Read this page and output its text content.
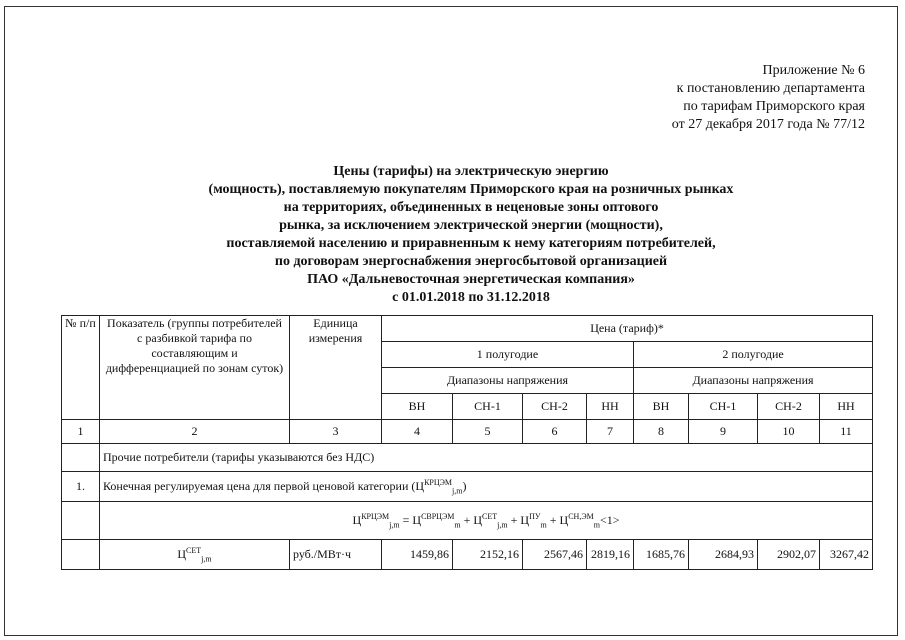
Приложение № 6
к постановлению департамента
по тарифам Приморского края
от 27 декабря 2017 года № 77/12
Цены (тарифы) на электрическую энергию
(мощность), поставляемую покупателям Приморского края на розничных рынках
на территориях, объединенных в неценовые зоны оптового
рынка, за исключением электрической энергии (мощности),
поставляемой населению и приравненным к нему категориям потребителей,
по договорам энергоснабжения энергосбытовой организацией
ПАО «Дальневосточная энергетическая компания»
с 01.01.2018 по 31.12.2018
№ п/п	Показатель (группы потребителей с разбивкой тарифа по составляющим и дифференциацией по зонам суток)	Единица измерения	Цена (тариф)*							
			1 полугодие				2 полугодие			
			Диапазоны напряжения				Диапазоны напряжения			
			ВН	СН-1	СН-2	НН	ВН	СН-1	СН-2	НН
1	2	3	4	5	6	7	8	9	10	11
	Прочие потребители (тарифы указываются без НДС)									
1.	Конечная регулируемая цена для первой ценовой категории $(Ц^{КРЦЭМ}_{j,m})$									
	$Ц^{КРЦЭМ}_{j,m} = Ц^{СВРЦЭМ}_m + Ц^{СЕТ}_{j,m} + Ц^{ПУ}_m + Ц^{СН,ЭМ}_m<1>$									
	$Ц^{СЕТ}_{j,m}$	руб./МВт·ч	1459,86	2152,16	2567,46	2819,16	1685,76	2684,93	2902,07	3267,42
